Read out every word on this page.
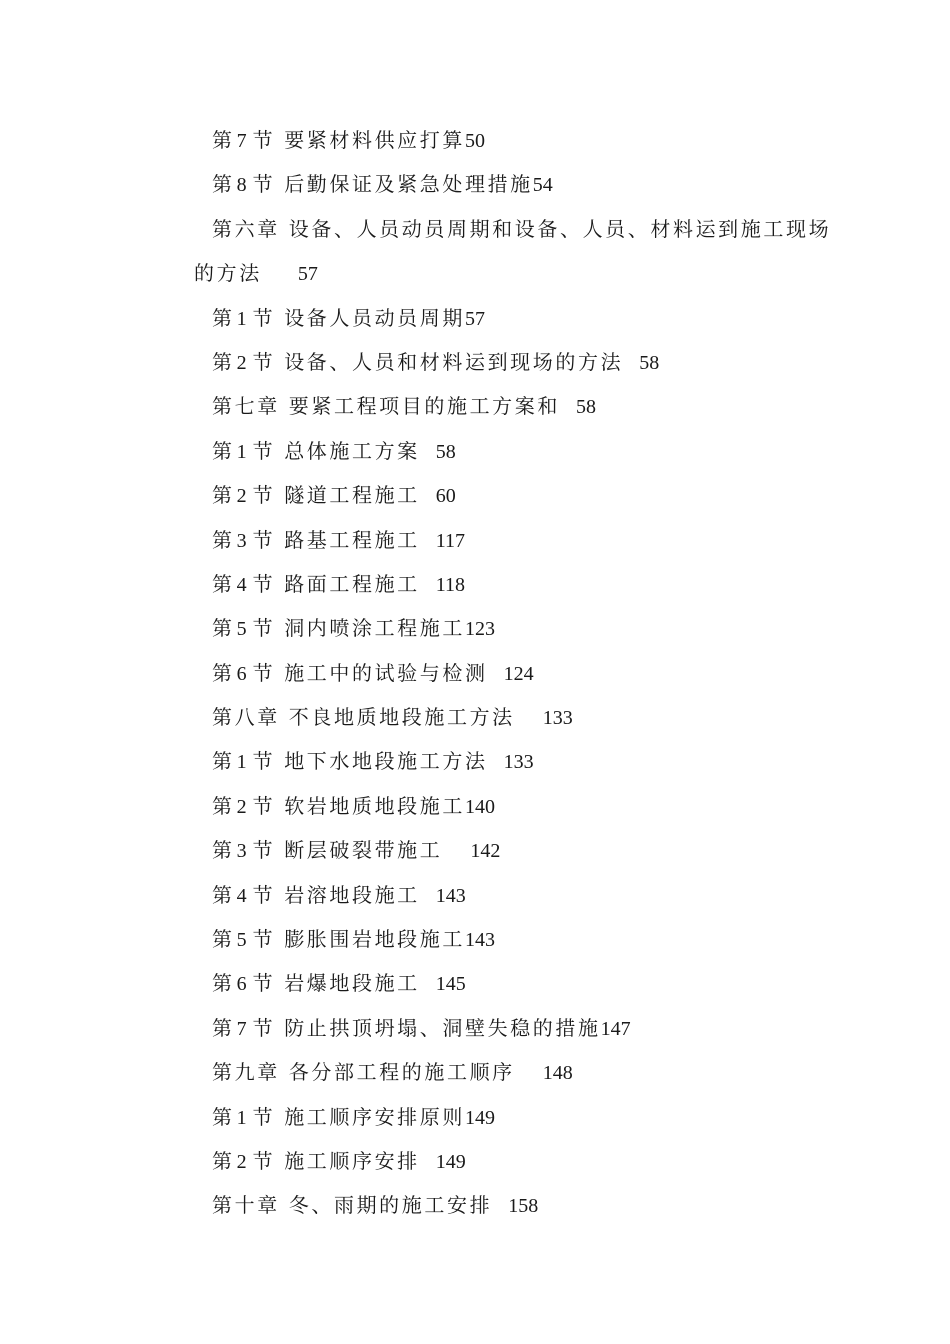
第 7 节 要紧材料供应打算50
第 8 节 后勤保证及紧急处理措施54
第六章 设备、人员动员周期和设备、人员、材料运到施工现场
的方法 57
第 1 节 设备人员动员周期57
第 2 节 设备、人员和材料运到现场的方法 58
第七章 要紧工程项目的施工方案和 58
第 1 节 总体施工方案 58
第 2 节 隧道工程施工 60
第 3 节 路基工程施工 117
第 4 节 路面工程施工 118
第 5 节 洞内喷涂工程施工123
第 6 节 施工中的试验与检测 124
第八章 不良地质地段施工方法 133
第 1 节 地下水地段施工方法 133
第 2 节 软岩地质地段施工140
第 3 节 断层破裂带施工 142
第 4 节 岩溶地段施工 143
第 5 节 膨胀围岩地段施工143
第 6 节 岩爆地段施工 145
第 7 节 防止拱顶坍塌、洞壁失稳的措施147
第九章 各分部工程的施工顺序 148
第 1 节 施工顺序安排原则149
第 2 节 施工顺序安排 149
第十章 冬、雨期的施工安排 158
